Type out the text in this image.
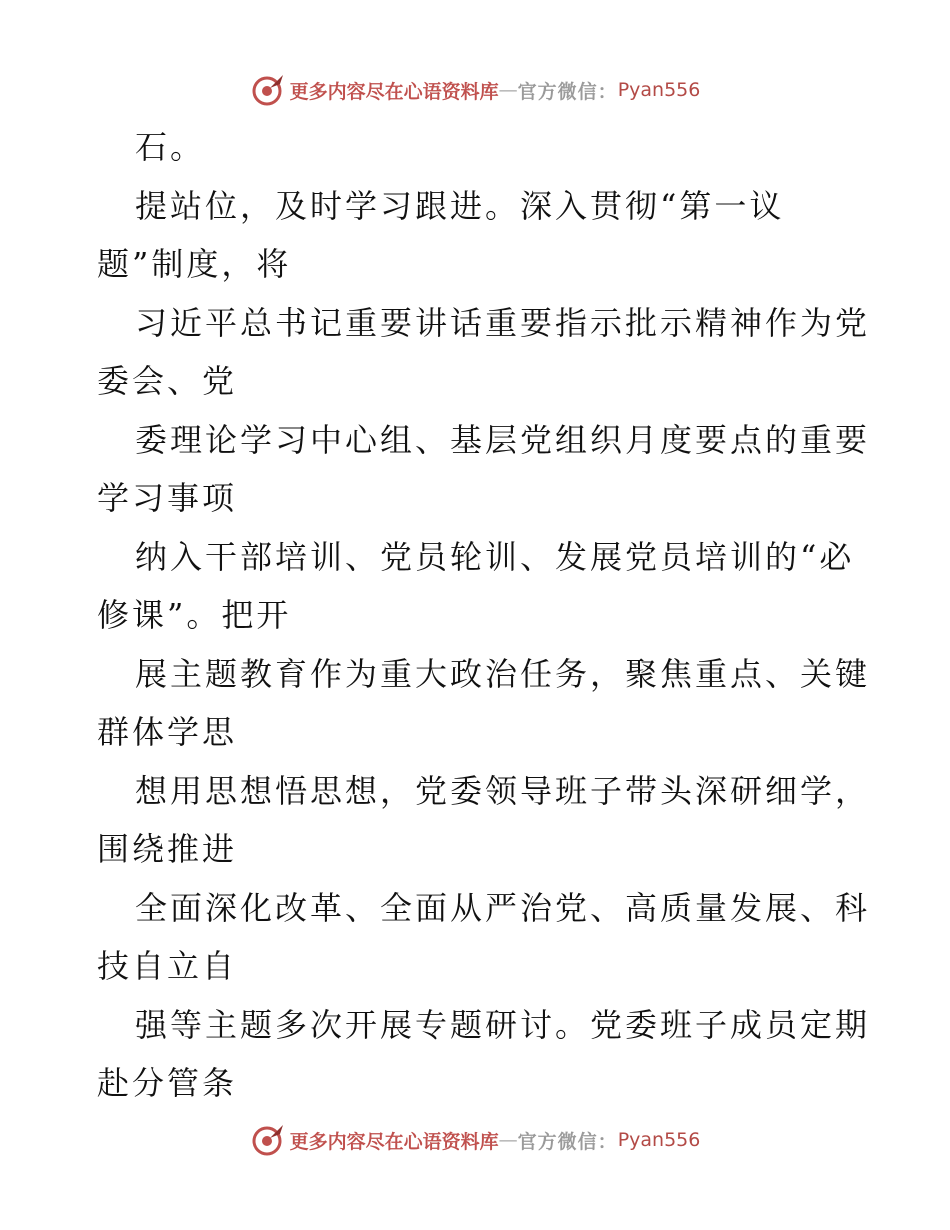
更多内容尽在心语资料库 — 官方微信： Pyan556
石。
提站位，及时学习跟进。深入贯彻“第一议
题”制度，将
习近平总书记重要讲话重要指示批示精神作为党
委会、党
委理论学习中心组、基层党组织月度要点的重要
学习事项
纳入干部培训、党员轮训、发展党员培训的“必
修课”。把开
展主题教育作为重大政治任务，聚焦重点、关键
群体学思
想用思想悟思想，党委领导班子带头深研细学，
围绕推进
全面深化改革、全面从严治党、高质量发展、科
技自立自
强等主题多次开展专题研讨。党委班子成员定期
赴分管条
更多内容尽在心语资料库 — 官方微信： Pyan556
